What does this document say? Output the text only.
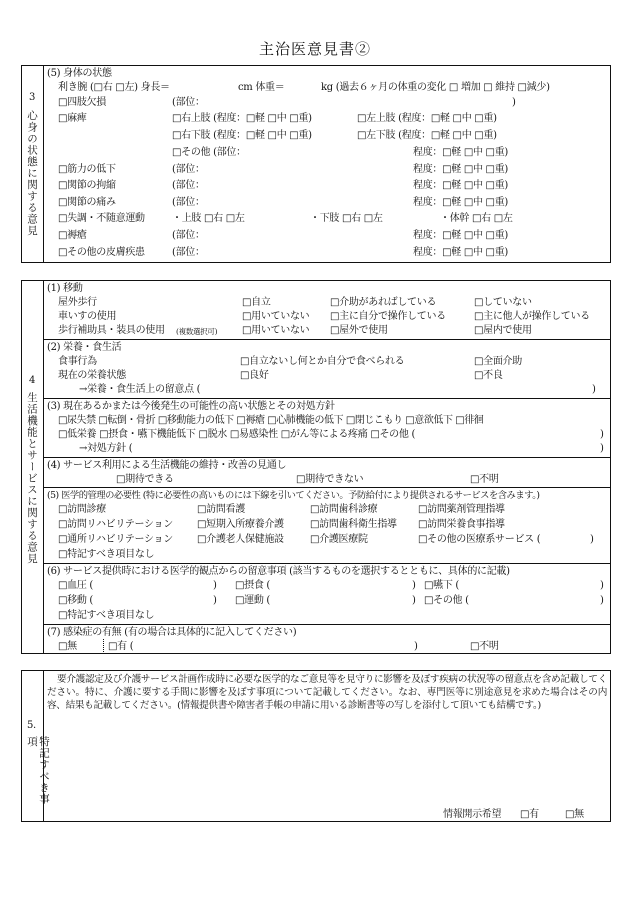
主治医意見書②
3
心身の状態に関する意見
(5) 身体の状態
利き腕 (□右 □左) 身長＝	cm 体重＝	kg (過去６ヶ月の体重の変化 □ 増加 □ 維持 □減少)
□四肢欠損	(部位：	)
□麻痺	□右上肢 (程度：□軽 □中 □重)	□左上肢 (程度：□軽 □中 □重)
□右下肢 (程度：□軽 □中 □重)	□左下肢 (程度：□軽 □中 □重)
□その他 (部位：	程度：□軽 □中 □重)
□筋力の低下	(部位：	程度：□軽 □中 □重)
□関節の拘縮	(部位：	程度：□軽 □中 □重)
□関節の痛み	(部位：	程度：□軽 □中 □重)
□失調・不随意運動	・上肢 □右 □左	・下肢 □右 □左	・体幹 □右 □左
□褥瘡	(部位：	程度：□軽 □中 □重)
□その他の皮膚疾患	(部位：	程度：□軽 □中 □重)
4
生活機能とサービスに関する意見
(1) 移動
屋外歩行	□自立	□介助があればしている	□していない
車いすの使用	□用いていない □主に自分で操作している	□主に他人が操作している
歩行補助具・装具の使用 (複数選択可) □用いていない □屋外で使用	□屋内で使用
(2) 栄養・食生活
食事行為	□自立ないし何とか自分で食べられる	□全面介助
現在の栄養状態	□良好	□不良
→栄養・食生活上の留意点 (	)
(3) 現在あるかまたは今後発生の可能性の高い状態とその対処方針
□尿失禁 □転倒・骨折 □移動能力の低下 □褥瘡 □心肺機能の低下 □閉じこもり □意欲低下 □徘徊
□低栄養 □摂食・嚥下機能低下 □脱水 □易感染性 □がん等による疼痛 □その他 (	)
→対処方針 (	)
(4) サービス利用による生活機能の維持・改善の見通し
□期待できる	□期待できない	□不明
(5) 医学的管理の必要性 (特に必要性の高いものには下線を引いてください。予防給付により提供されるサービスを含みます。)
□訪問診療	□訪問看護	□訪問歯科診療	□訪問薬剤管理指導
□訪問リハビリテーション □短期入所療養介護	□訪問歯科衛生指導 □訪問栄養食事指導
□通所リハビリテーション □介護老人保健施設	□介護医療院	□その他の医療系サービス (	)
□特記すべき項目なし
(6) サービス提供時における医学的観点からの留意事項 (該当するものを選択するとともに、具体的に記載)
□血圧 (	) □摂食 (	) □嚥下 (	)
□移動 (	) □運動 (	) □その他 (	)
□特記すべき項目なし
(7) 感染症の有無 (有の場合は具体的に記入してください)
□無	□有 (	)	□不明
5.
特記すべき事項
要介護認定及び介護サービス計画作成時に必要な医学的なご意見等を見守りに影響を及ぼす疾病の状況等の留意点を含め記載してください。特に、介護に要する手間に影響を及ぼす事項について記載してください。なお、専門医等に別途意見を求めた場合はその内容、結果も記載してください。(情報提供書や障害者手帳の申請に用いる診断書等の写しを添付して頂いても結構です。)
情報開示希望 □有	□無
